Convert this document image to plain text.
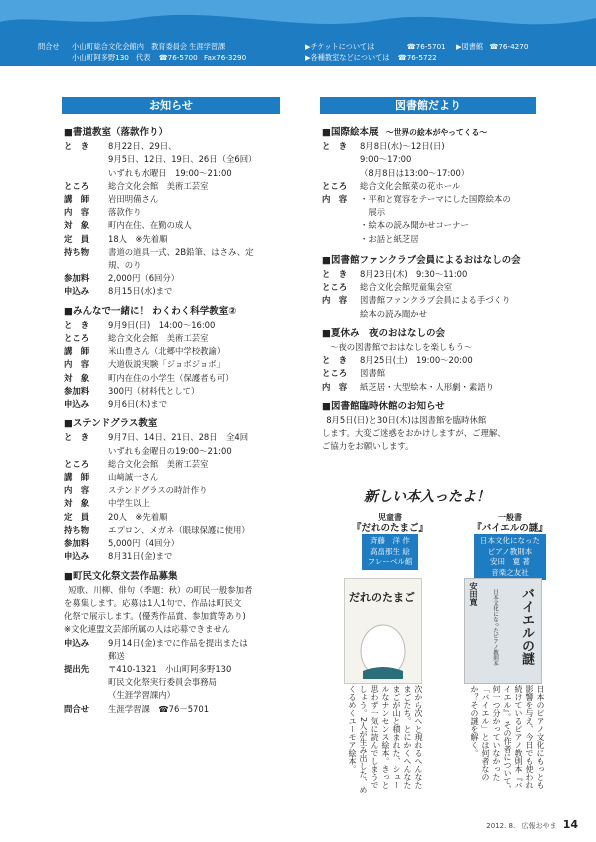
問合せ 小山町総合文化会館内　教育委員会 生涯学習課
小山町阿多野130　代表 ☎76-5700 Fax76-3290
▶チケットについては	☎76-5701 ▶図書館 ☎76-4270
▶各種教室などについては ☎76-5722
お知らせ	図書館だより
■書道教室（落款作り）
と　き	8月22日、29日、
9月5日、12日、19日、26日（全6回）
いずれも水曜日　19:00～21:00
ところ	総合文化会館　美術工芸室
講　師	岩田明備さん
内　容	落款作り
対　象	町内在住、在勤の成人
定　員	18人　※先着順
持ち物	書道の道具一式、2B鉛筆、はさみ、定
規、のり
参加料	2,000円（6回分）
申込み	8月15日(水)まで
■みんなで一緒に！ わくわく科学教室②
と　き	9月9日(日)　14:00～16:00
ところ	総合文化会館　美術工芸室
講　師	米山豊さん（北郷中学校教諭）
内　容	大道仮説実験「ジョボジョボ」
対　象	町内在住の小学生（保護者も可）
参加料	300円（材料代として）
申込み	9月6日(木)まで
■ステンドグラス教室
と　き	9月7日、14日、21日、28日　全4回
いずれも金曜日の19:00～21:00
ところ	総合文化会館　美術工芸室
講　師	山﨑誠一さん
内　容	ステンドグラスの時計作り
対　象	中学生以上
定　員	20人　※先着順
持ち物	エプロン、メガネ（眼球保護に使用）
参加料	5,000円（4回分）
申込み	8月31日(金)まで
■町民文化祭文芸作品募集
短歌、川柳、俳句（季題：秋）の町民一般参加者
を募集します。応募は1人1句で、作品は町民文
化祭で展示します。(優秀作品賞、参加賞等あり)
※文化連盟文芸部所属の人は応募できません
申込み	9月14日(金)までに作品を提出または
郵送
提出先	〒410-1321　小山町阿多野130
町民文化祭実行委員会事務局
（生涯学習課内）
問合せ	生涯学習課　☎76－5701
■国際絵本展 ～世界の絵本がやってくる～
と　き	8月8日(水)～12日(日)
9:00～17:00
（8月8日は13:00～17:00）
ところ	総合文化会館菜の花ホール
内　容	・平和と寛容をテーマにした国際絵本の
　展示
・絵本の読み聞かせコーナー
・お話と紙芝居
■図書館ファンクラブ会員によるおはなしの会
と　き	8月23日(木)　9:30～11:00
ところ	総合文化会館児童集会室
内　容	図書館ファンクラブ会員による手づくり
絵本の読み聞かせ
■夏休み　夜のおはなしの会
～夜の図書館でおはなしを楽しもう～
と　き	8月25日(土)　19:00～20:00
ところ	図書館
内　容	紙芝居・大型絵本・人形劇・素語り
■図書館臨時休館のお知らせ
8月5日(日)と30日(木)は図書館を臨時休館
します。大変ご迷惑をおかけしますが、ご理解、
ご協力をお願いします。
新しい本入ったよ！
児童書
『だれのたまご』
斉藤　洋 作
高畠那生 絵
フレーベル館
一般書
『バイエルの謎』
日本文化になった
ピアノ教則本
安田　寛 著
音楽之友社
だれのたまご	安田寛	日本文化になったピアノ教則本 バイエルの謎
次から次へと現れるへんなたまごたち。とにかくへんなたまごが山と積まれた、シュールなナンセンス絵本。きっと思わず一気に読んでしまうでしょう。2人が生み出した、めくるめくユーモア絵本。	日本のピアノ文化にもっとも影響を与え、今日でも使われ続けているピアノ教則本『バイエル』。その作者について、何一つ分かっていなかった「バイエル」とは何者なのか？その謎を解く。
2012. 8. 広報おやま 14
